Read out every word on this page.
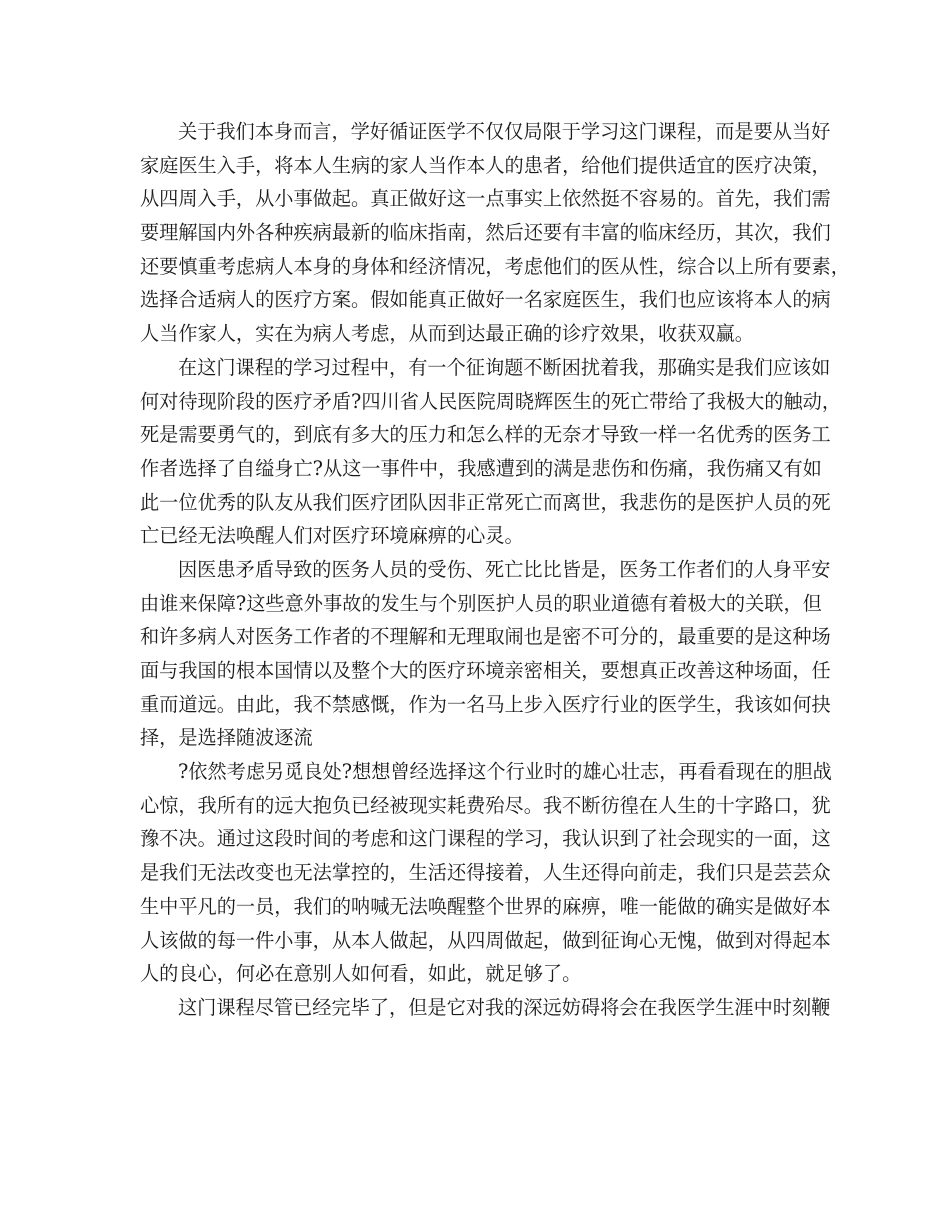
关于我们本身而言，学好循证医学不仅仅局限于学习这门课程，而是要从当好
家庭医生入手，将本人生病的家人当作本人的患者，给他们提供适宜的医疗决策，
从四周入手，从小事做起。真正做好这一点事实上依然挺不容易的。首先，我们需
要理解国内外各种疾病最新的临床指南，然后还要有丰富的临床经历，其次，我们
还要慎重考虑病人本身的身体和经济情况，考虑他们的医从性，综合以上所有要素，
选择合适病人的医疗方案。假如能真正做好一名家庭医生，我们也应该将本人的病
人当作家人，实在为病人考虑，从而到达最正确的诊疗效果，收获双赢。
在这门课程的学习过程中，有一个征询题不断困扰着我，那确实是我们应该如
何对待现阶段的医疗矛盾?四川省人民医院周晓辉医生的死亡带给了我极大的触动，
死是需要勇气的，到底有多大的压力和怎么样的无奈才导致一样一名优秀的医务工
作者选择了自缢身亡?从这一事件中，我感遭到的满是悲伤和伤痛，我伤痛又有如
此一位优秀的队友从我们医疗团队因非正常死亡而离世，我悲伤的是医护人员的死
亡已经无法唤醒人们对医疗环境麻痹的心灵。
因医患矛盾导致的医务人员的受伤、死亡比比皆是，医务工作者们的人身平安
由谁来保障?这些意外事故的发生与个别医护人员的职业道德有着极大的关联，但
和许多病人对医务工作者的不理解和无理取闹也是密不可分的，最重要的是这种场
面与我国的根本国情以及整个大的医疗环境亲密相关，要想真正改善这种场面，任
重而道远。由此，我不禁感慨，作为一名马上步入医疗行业的医学生，我该如何抉
择，是选择随波逐流
?依然考虑另觅良处?想想曾经选择这个行业时的雄心壮志，再看看现在的胆战
心惊，我所有的远大抱负已经被现实耗费殆尽。我不断彷徨在人生的十字路口，犹
豫不决。通过这段时间的考虑和这门课程的学习，我认识到了社会现实的一面，这
是我们无法改变也无法掌控的，生活还得接着，人生还得向前走，我们只是芸芸众
生中平凡的一员，我们的呐喊无法唤醒整个世界的麻痹，唯一能做的确实是做好本
人该做的每一件小事，从本人做起，从四周做起，做到征询心无愧，做到对得起本
人的良心，何必在意别人如何看，如此，就足够了。
这门课程尽管已经完毕了，但是它对我的深远妨碍将会在我医学生涯中时刻鞭
